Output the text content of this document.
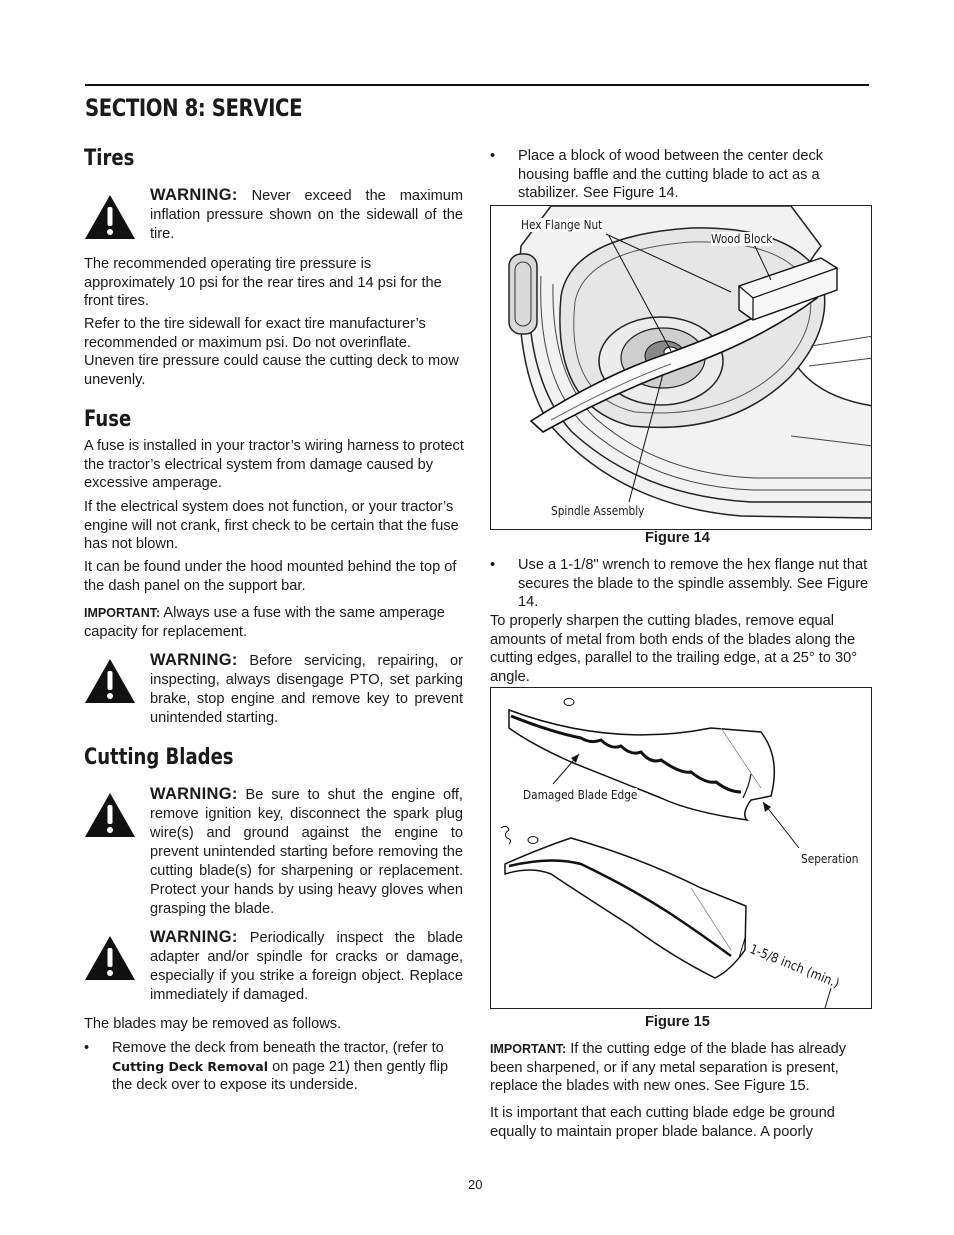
SECTION 8: SERVICE
Tires
WARNING: Never exceed the maximum inflation pressure shown on the sidewall of the tire.
The recommended operating tire pressure is approximately 10 psi for the rear tires and 14 psi for the front tires.
Refer to the tire sidewall for exact tire manufacturer’s recommended or maximum psi. Do not overinflate. Uneven tire pressure could cause the cutting deck to mow unevenly.
Fuse
A fuse is installed in your tractor’s wiring harness to protect the tractor’s electrical system from damage caused by excessive amperage.
If the electrical system does not function, or your tractor’s engine will not crank, first check to be certain that the fuse has not blown.
It can be found under the hood mounted behind the top of the dash panel on the support bar.
IMPORTANT: Always use a fuse with the same amperage capacity for replacement.
WARNING: Before servicing, repairing, or inspecting, always disengage PTO, set parking brake, stop engine and remove key to prevent unintended starting.
Cutting Blades
WARNING: Be sure to shut the engine off, remove ignition key, disconnect the spark plug wire(s) and ground against the engine to prevent unintended starting before removing the cutting blade(s) for sharpening or replacement. Protect your hands by using heavy gloves when grasping the blade.
WARNING: Periodically inspect the blade adapter and/or spindle for cracks or damage, especially if you strike a foreign object. Replace immediately if damaged.
The blades may be removed as follows.
• Remove the deck from beneath the tractor, (refer to Cutting Deck Removal on page 21) then gently flip the deck over to expose its underside.
• Place a block of wood between the center deck housing baffle and the cutting blade to act as a stabilizer. See Figure 14.
Hex Flange Nut
Wood Block
Spindle Assembly
Figure 14
• Use a 1-1/8" wrench to remove the hex flange nut that secures the blade to the spindle assembly. See Figure 14.
To properly sharpen the cutting blades, remove equal amounts of metal from both ends of the blades along the cutting edges, parallel to the trailing edge, at a 25° to 30° angle.
Damaged Blade Edge
Seperation
1-5/8 inch (min.)
Figure 15
IMPORTANT: If the cutting edge of the blade has already been sharpened, or if any metal separation is present, replace the blades with new ones. See Figure 15.
It is important that each cutting blade edge be ground equally to maintain proper blade balance. A poorly
20
